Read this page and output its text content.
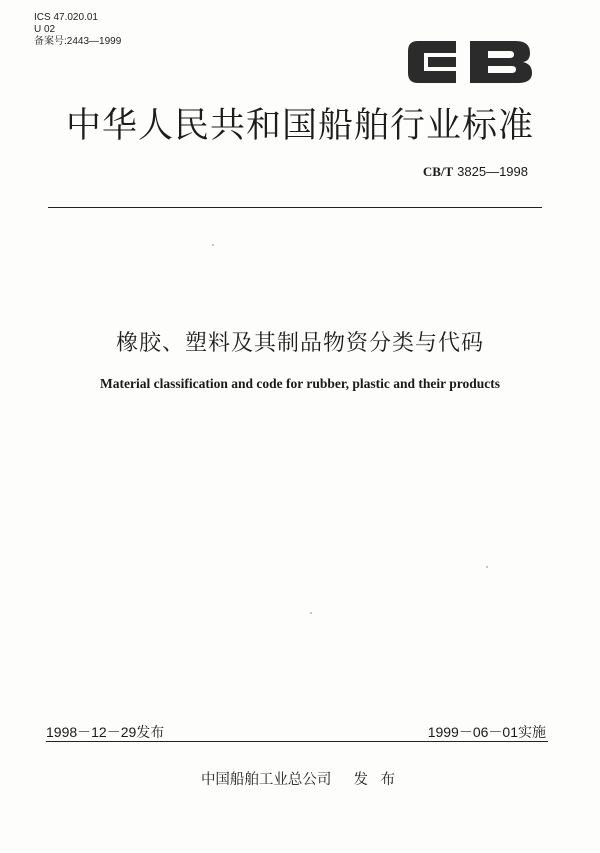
ICS 47.020.01
U 02
备案号:2443—1999	CB
中华人民共和国船舶行业标准
CB/T 3825—1998
橡胶、塑料及其制品物资分类与代码
Material classification and code for rubber, plastic and their products
1998－12－29发布	1999－06－01实施
中国船舶工业总公司 发 布
